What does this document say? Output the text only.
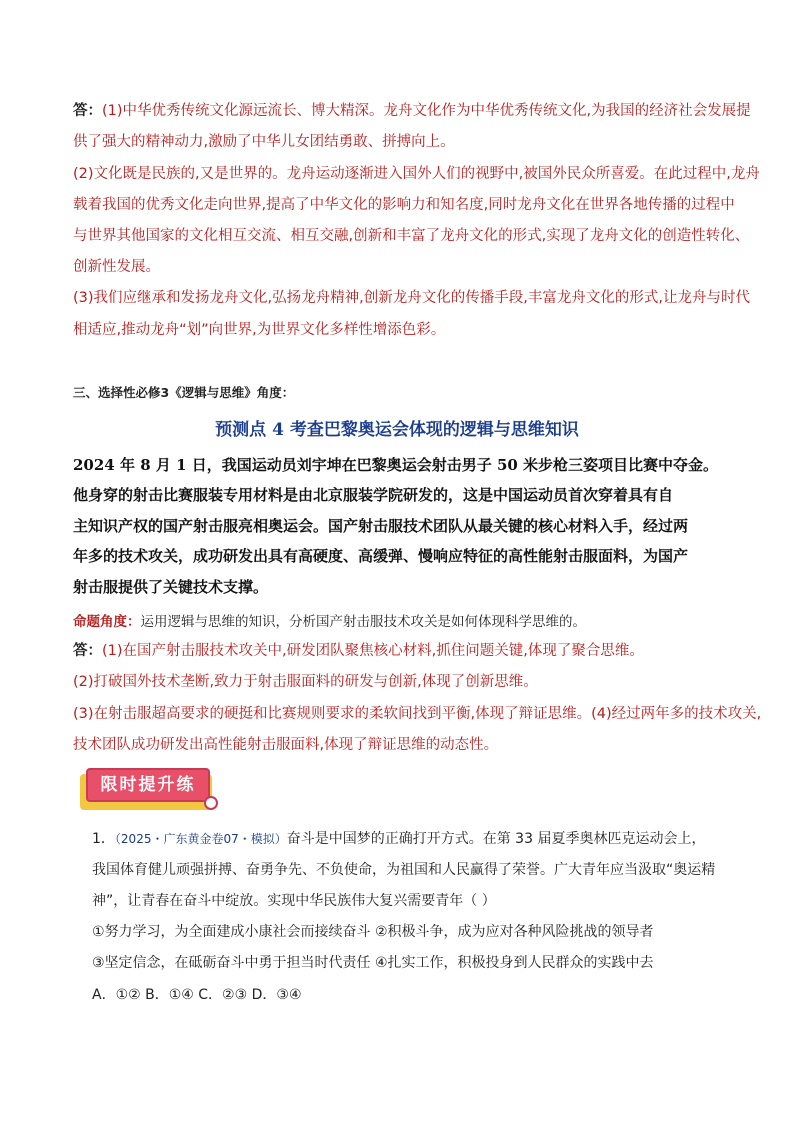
答：(1)中华优秀传统文化源远流长、博大精深。龙舟文化作为中华优秀传统文化,为我国的经济社会发展提
供了强大的精神动力,激励了中华儿女团结勇敢、拼搏向上。
(2)文化既是民族的,又是世界的。龙舟运动逐渐进入国外人们的视野中,被国外民众所喜爱。在此过程中,龙舟
载着我国的优秀文化走向世界,提高了中华文化的影响力和知名度,同时龙舟文化在世界各地传播的过程中
与世界其他国家的文化相互交流、相互交融,创新和丰富了龙舟文化的形式,实现了龙舟文化的创造性转化、
创新性发展。
(3)我们应继承和发扬龙舟文化,弘扬龙舟精神,创新龙舟文化的传播手段,丰富龙舟文化的形式,让龙舟与时代
相适应,推动龙舟“划”向世界,为世界文化多样性增添色彩。
三、选择性必修3《逻辑与思维》角度：
预测点 4 考查巴黎奥运会体现的逻辑与思维知识
2024 年 8 月 1 日，我国运动员刘宇坤在巴黎奥运会射击男子 50 米步枪三姿项目比赛中夺金。
他身穿的射击比赛服装专用材料是由北京服装学院研发的，这是中国运动员首次穿着具有自
主知识产权的国产射击服亮相奥运会。国产射击服技术团队从最关键的核心材料入手，经过两
年多的技术攻关，成功研发出具有高硬度、高缓弹、慢响应特征的高性能射击服面料，为国产
射击服提供了关键技术支撑。
命题角度：运用逻辑与思维的知识，分析国产射击服技术攻关是如何体现科学思维的。
答：(1)在国产射击服技术攻关中,研发团队聚焦核心材料,抓住问题关键,体现了聚合思维。
(2)打破国外技术垄断,致力于射击服面料的研发与创新,体现了创新思维。
(3)在射击服超高要求的硬挺和比赛规则要求的柔软间找到平衡,体现了辩证思维。(4)经过两年多的技术攻关,
技术团队成功研发出高性能射击服面料,体现了辩证思维的动态性。
限时提升练
1．（2025・广东黄金卷07・模拟）奋斗是中国梦的正确打开方式。在第 33 届夏季奥林匹克运动会上，
我国体育健儿顽强拼搏、奋勇争先、不负使命，为祖国和人民赢得了荣誉。广大青年应当汲取“奥运精
神”，让青春在奋斗中绽放。实现中华民族伟大复兴需要青年（ ）
①努力学习，为全面建成小康社会而接续奋斗 ②积极斗争，成为应对各种风险挑战的领导者
③坚定信念，在砥砺奋斗中勇于担当时代责任 ④扎实工作，积极投身到人民群众的实践中去
A．①② B．①④ C．②③ D．③④
